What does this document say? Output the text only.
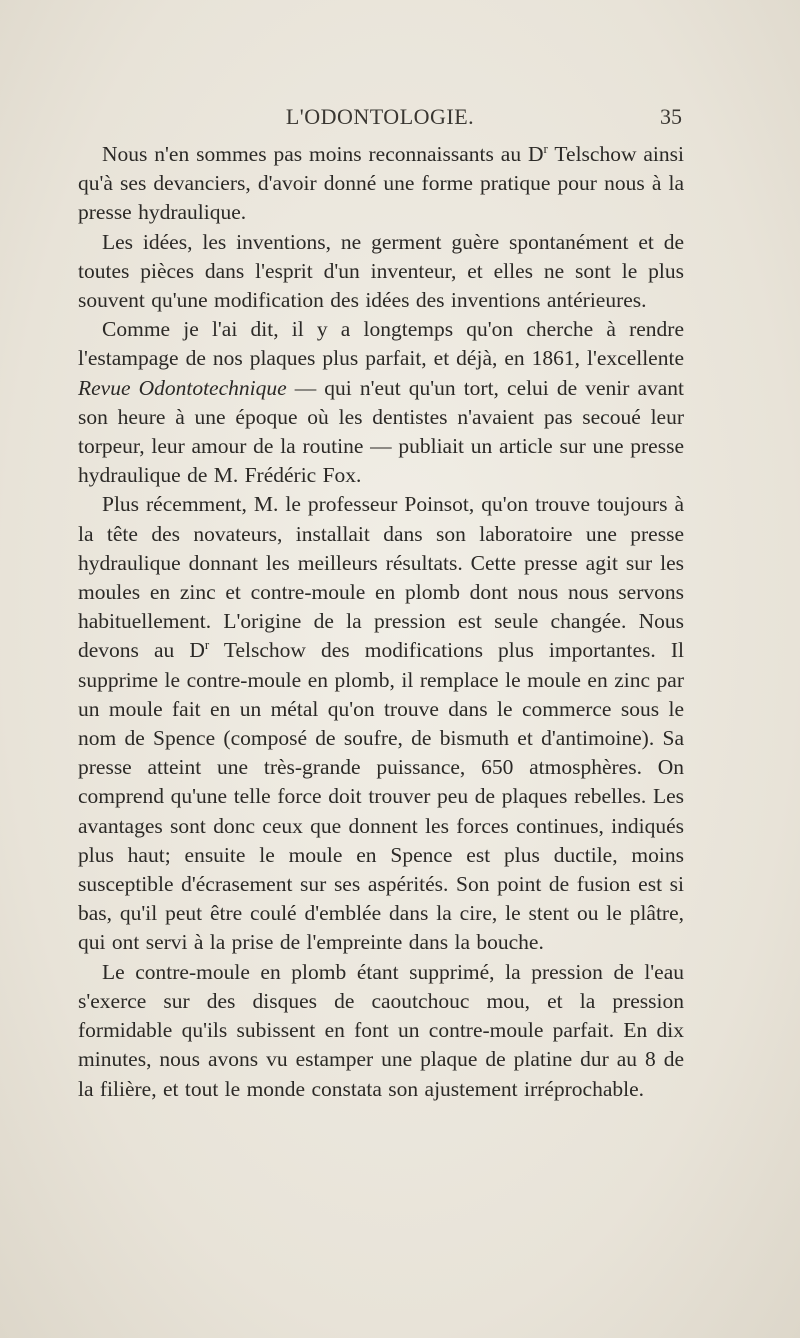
L'ODONTOLOGIE.	35

Nous n'en sommes pas moins reconnaissants au $D^r$ Telschow ainsi qu'à ses devanciers, d'avoir donné une forme pratique pour nous à la presse hydraulique.

Les idées, les inventions, ne germent guère spontanément et de toutes pièces dans l'esprit d'un inventeur, et elles ne sont le plus souvent qu'une modification des idées des inventions antérieures.

Comme je l'ai dit, il y a longtemps qu'on cherche à rendre l'estampage de nos plaques plus parfait, et déjà, en 1861, l'excellente Revue Odontotechnique — qui n'eut qu'un tort, celui de venir avant son heure à une époque où les dentistes n'avaient pas secoué leur torpeur, leur amour de la routine — publiait un article sur une presse hydraulique de M. Frédéric Fox.

Plus récemment, M. le professeur Poinsot, qu'on trouve toujours à la tête des novateurs, installait dans son laboratoire une presse hydraulique donnant les meilleurs résultats. Cette presse agit sur les moules en zinc et contre-moule en plomb dont nous nous servons habituellement. L'origine de la pression est seule changée. Nous devons au $D^r$ Telschow des modifications plus importantes. Il supprime le contre-moule en plomb, il remplace le moule en zinc par un moule fait en un métal qu'on trouve dans le commerce sous le nom de Spence (composé de soufre, de bismuth et d'antimoine). Sa presse atteint une très-grande puissance, 650 atmosphères. On comprend qu'une telle force doit trouver peu de plaques rebelles. Les avantages sont donc ceux que donnent les forces continues, indiqués plus haut; ensuite le moule en Spence est plus ductile, moins susceptible d'écrasement sur ses aspérités. Son point de fusion est si bas, qu'il peut être coulé d'emblée dans la cire, le stent ou le plâtre, qui ont servi à la prise de l'empreinte dans la bouche.

Le contre-moule en plomb étant supprimé, la pression de l'eau s'exerce sur des disques de caoutchouc mou, et la pression formidable qu'ils subissent en font un contre-moule parfait. En dix minutes, nous avons vu estamper une plaque de platine dur au 8 de la filière, et tout le monde constata son ajustement irréprochable.
